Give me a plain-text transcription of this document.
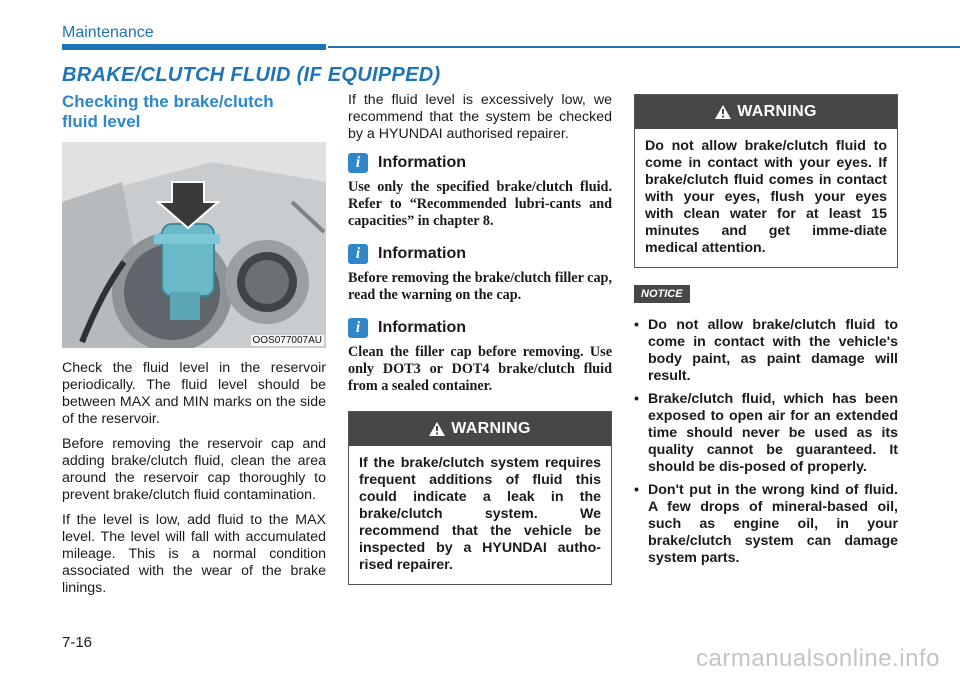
Maintenance
BRAKE/CLUTCH FLUID (IF EQUIPPED)
Checking the brake/clutch fluid level
OOS077007AU

Check the fluid level in the reservoir periodically. The fluid level should be between MAX and MIN marks on the side of the reservoir.

Before removing the reservoir cap and adding brake/clutch fluid, clean the area around the reservoir cap thoroughly to prevent brake/clutch fluid contamination.

If the level is low, add fluid to the MAX level. The level will fall with accumulated mileage. This is a normal condition associated with the wear of the brake linings.

If the fluid level is excessively low, we recommend that the system be checked by a HYUNDAI authorised repairer.

i	Information

Use only the specified brake/clutch fluid. Refer to “Recommended lubri-cants and capacities” in chapter 8.

i	Information

Before removing the brake/clutch filler cap, read the warning on the cap.

i	Information

Clean the filler cap before removing. Use only DOT3 or DOT4 brake/clutch fluid from a sealed container.

WARNING
If the brake/clutch system requires frequent additions of fluid this could indicate a leak in the brake/clutch system. We recommend that the vehicle be inspected by a HYUNDAI autho-rised repairer.
WARNING
Do not allow brake/clutch fluid to come in contact with your eyes. If brake/clutch fluid comes in contact with your eyes, flush your eyes with clean water for at least 15 minutes and get imme-diate medical attention.
NOTICE
• Do not allow brake/clutch fluid to come in contact with the vehicle's body paint, as paint damage will result.
• Brake/clutch fluid, which has been exposed to open air for an extended time should never be used as its quality cannot be guaranteed. It should be dis-posed of properly.
• Don't put in the wrong kind of fluid. A few drops of mineral-based oil, such as engine oil, in your brake/clutch system can damage system parts.
7-16
carmanualsonline.info
